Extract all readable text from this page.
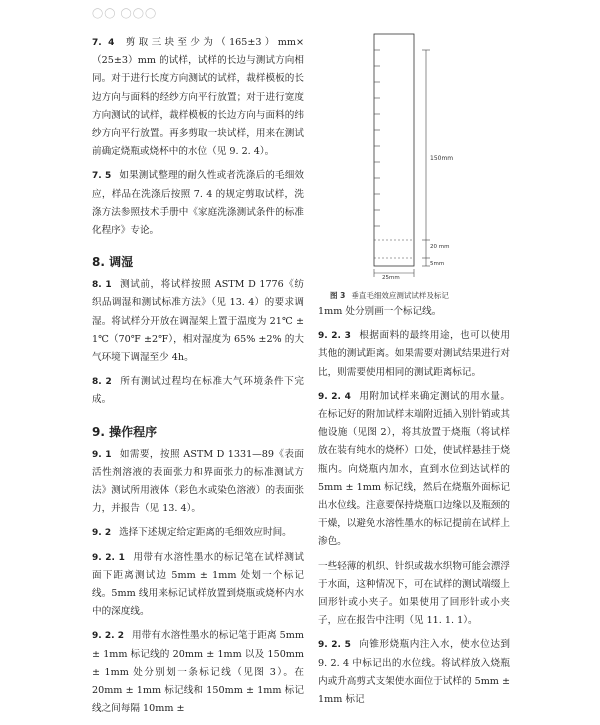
◯◯ ◯◯◯

7. 4 剪取三块至少为（165±3）mm×（25±3）mm 的试样，试样的长边与测试方向相同。对于进行长度方向测试的试样，裁样模板的长边方向与面料的经纱方向平行放置；对于进行宽度方向测试的试样，裁样模板的长边方向与面料的纬纱方向平行放置。再多剪取一块试样，用来在测试前确定烧瓶或烧杯中的水位（见 9. 2. 4）。

7. 5 如果测试整理的耐久性或者洗涤后的毛细效应，样品在洗涤后按照 7. 4 的规定剪取试样，洗涤方法参照技术手册中《家庭洗涤测试条件的标准化程序》专论。

8. 调湿

8. 1 测试前，将试样按照 ASTM D 1776《纺织品调湿和测试标准方法》（见 13. 4）的要求调湿。将试样分开放在调湿架上置于温度为 21℃ ± 1℃（70℉ ±2℉），相对湿度为 65% ±2% 的大气环境下调湿至少 4h。

8. 2 所有测试过程均在标准大气环境条件下完成。

9. 操作程序

9. 1 如需要，按照 ASTM D 1331—89《表面活性剂溶液的表面张力和界面张力的标准测试方法》测试所用液体（彩色水或染色溶液）的表面张力，并报告（见 13. 4）。

9. 2 选择下述规定给定距离的毛细效应时间。

9. 2. 1 用带有水溶性墨水的标记笔在试样测试面下距离测试边 5mm ± 1mm 处划一个标记线。5mm 线用来标记试样放置到烧瓶或烧杯内水中的深度线。

9. 2. 2 用带有水溶性墨水的标记笔于距离 5mm ± 1mm 标记线的 20mm ± 1mm 以及 150mm ± 1mm 处分别划一条标记线（见图 3）。在 20mm ± 1mm 标记线和 150mm ± 1mm 标记线之间每隔 10mm ±

150mm
20 mm
5mm
25mm
图 3 垂直毛细效应测试试样及标记

1mm 处分别画一个标记线。

9. 2. 3 根据面料的最终用途，也可以使用其他的测试距离。如果需要对测试结果进行对比，则需要使用相同的测试距离标记。

9. 2. 4 用附加试样来确定测试的用水量。在标记好的附加试样末端附近插入别针销或其他设施（见图 2），将其放置于烧瓶（将试样放在装有纯水的烧杯）口处，使试样悬挂于烧瓶内。向烧瓶内加水，直到水位到达试样的 5mm ± 1mm 标记线，然后在烧瓶外面标记出水位线。注意要保持烧瓶口边缘以及瓶颈的干燥，以避免水溶性墨水的标记提前在试样上渗色。

一些轻薄的机织、针织或裁水织物可能会漂浮于水面，这种情况下，可在试样的测试端缀上回形针或小夹子。如果使用了回形针或小夹子，应在报告中注明（见 11. 1. 1）。

9. 2. 5 向锥形烧瓶内注入水，使水位达到 9. 2. 4 中标记出的水位线。将试样放入烧瓶内或升高剪式支架使水面位于试样的 5mm ± 1mm 标记
